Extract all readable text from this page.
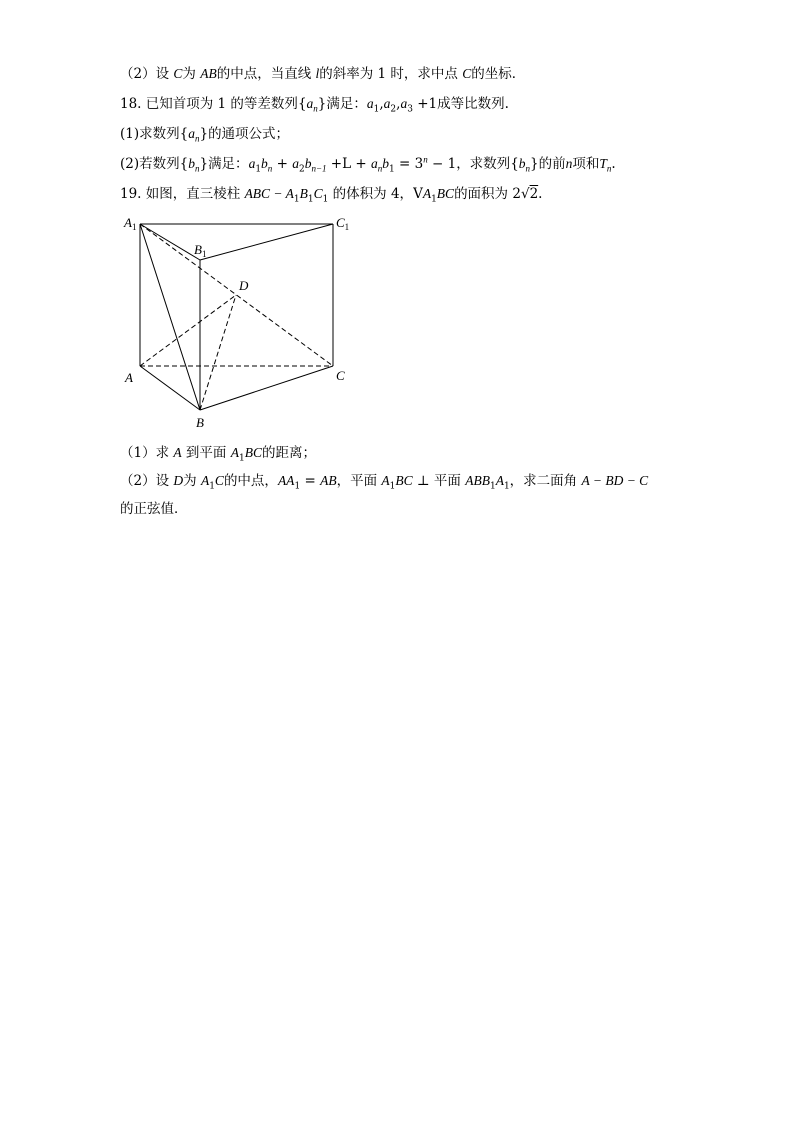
（2）设 C为 AB的中点，当直线 l的斜率为 1 时，求中点 C的坐标．
18. 已知首项为 1 的等差数列$\{a_n\}$满足：$a_1,a_2,a_3 +1$成等比数列.
(1)求数列$\{a_n\}$的通项公式；
(2)若数列$\{b_n\}$满足：$a_1b_n + a_2b_{n-1} +L + a_nb_1 = 3^n - 1$，求数列$\{b_n\}$的前n项和$T_n$.
19. 如图，直三棱柱 ABC − $A_1B_1C_1$ 的体积为 4，$VA_1BC$的面积为 2√2.
$A_1$
$B_1$
$C_1$
D
A
B
C
（1）求 A 到平面 $A_1BC$的距离；
（2）设 D为 $A_1C$的中点，$AA_1$ = AB，平面 $A_1BC$ ⊥ 平面 $ABB_1A_1$，求二面角 A − BD − C
的正弦值．
